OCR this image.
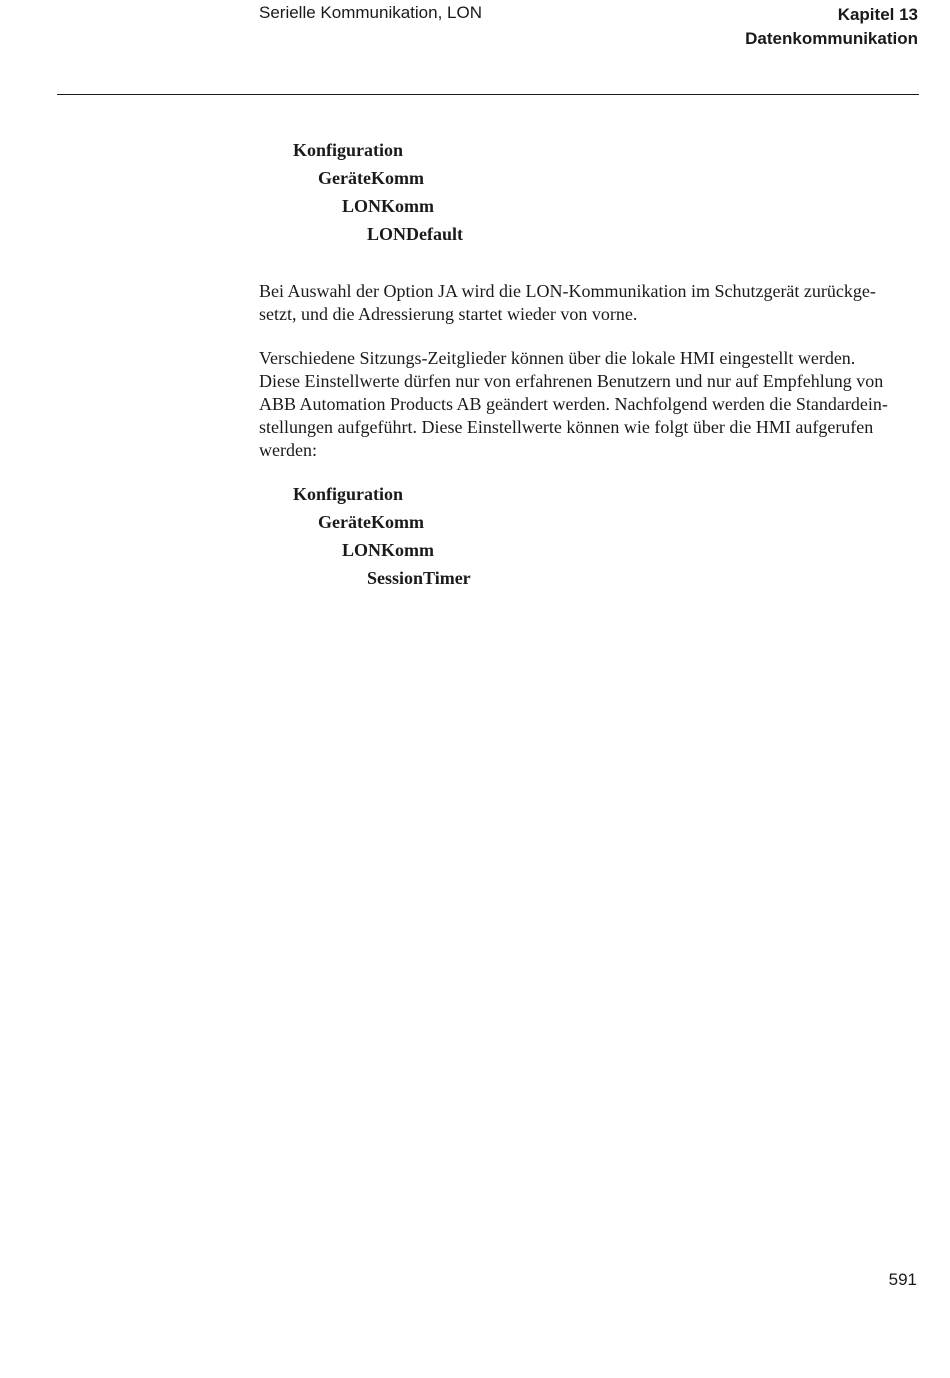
Serielle Kommunikation, LON	Kapitel 13
Datenkommunikation
Konfiguration
GeräteKomm
LONKomm
LONDefault

Bei Auswahl der Option JA wird die LON-Kommunikation im Schutzgerät zurückge-
setzt, und die Adressierung startet wieder von vorne.

Verschiedene Sitzungs-Zeitglieder können über die lokale HMI eingestellt werden.
Diese Einstellwerte dürfen nur von erfahrenen Benutzern und nur auf Empfehlung von
ABB Automation Products AB geändert werden. Nachfolgend werden die Standardein-
stellungen aufgeführt. Diese Einstellwerte können wie folgt über die HMI aufgerufen
werden:

Konfiguration
GeräteKomm
LONKomm
SessionTimer
591
